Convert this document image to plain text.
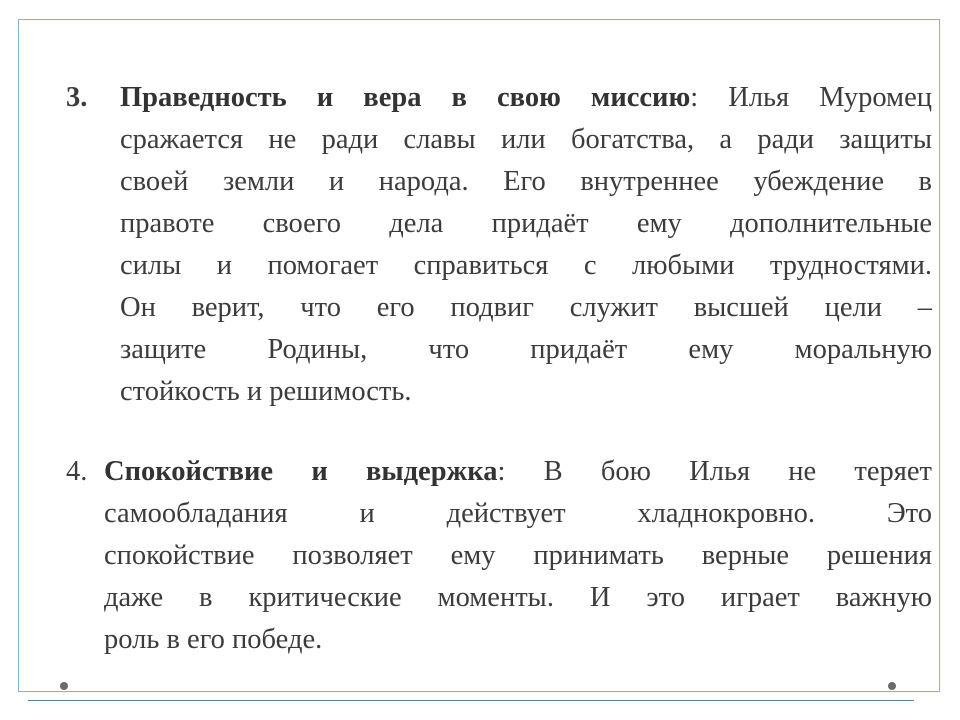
3. Праведность и вера в свою миссию: Илья Муромец
сражается не ради славы или богатства, а ради защиты
своей земли и народа. Его внутреннее убеждение в
правоте своего дела придаёт ему дополнительные
силы и помогает справиться с любыми трудностями.
Он верит, что его подвиг служит высшей цели –
защите Родины, что придаёт ему моральную
стойкость и решимость.
4. Спокойствие и выдержка: В бою Илья не теряет
самообладания и действует хладнокровно. Это
спокойствие позволяет ему принимать верные решения
даже в критические моменты. И это играет важную
роль в его победе.
